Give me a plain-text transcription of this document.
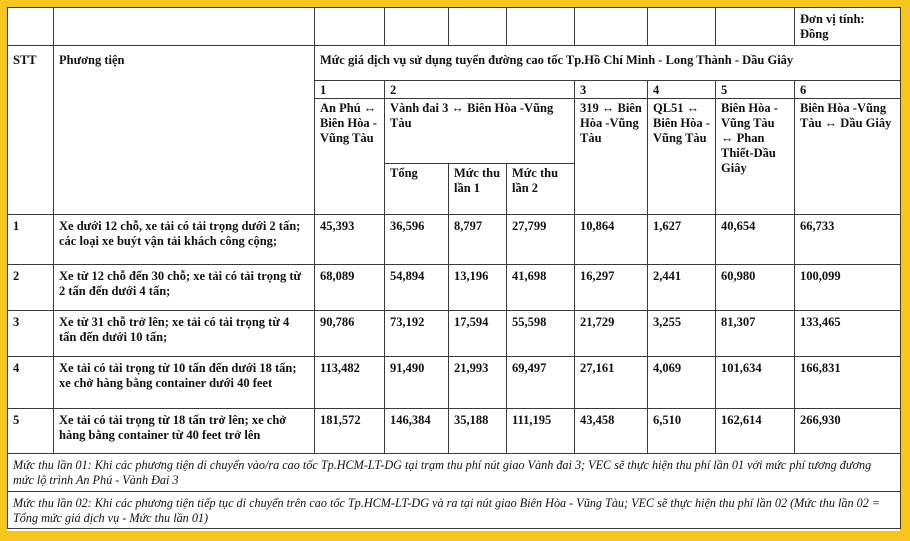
									Đơn vị tính: Đồng
STT	Phương tiện	Mức giá dịch vụ sử dụng tuyến đường cao tốc Tp.Hồ Chí Minh - Long Thành - Dầu Giây							
		1	2			3	4	5	6
		An Phú ↔ Biên Hòa -Vũng Tàu	Vành đai 3 ↔ Biên Hòa -Vũng Tàu			319 ↔ Biên Hòa -Vũng Tàu	QL51 ↔ Biên Hòa -Vũng Tàu	Biên Hòa - Vũng Tàu ↔ Phan Thiết-Dầu Giây	Biên Hòa -Vũng Tàu ↔ Dầu Giây
			Tổng	Mức thu lần 1	Mức thu lần 2				
1	Xe dưới 12 chỗ, xe tải có tải trọng dưới 2 tấn; các loại xe buýt vận tải khách công cộng;	45,393	36,596	8,797	27,799	10,864	1,627	40,654	66,733
2	Xe từ 12 chỗ đến 30 chỗ; xe tải có tải trọng từ 2 tấn đến dưới 4 tấn;	68,089	54,894	13,196	41,698	16,297	2,441	60,980	100,099
3	Xe từ 31 chỗ trở lên; xe tải có tải trọng từ 4 tấn đến dưới 10 tấn;	90,786	73,192	17,594	55,598	21,729	3,255	81,307	133,465
4	Xe tải có tải trọng từ 10 tấn đến dưới 18 tấn; xe chở hàng bằng container dưới 40 feet	113,482	91,490	21,993	69,497	27,161	4,069	101,634	166,831
5	Xe tải có tải trọng từ 18 tấn trở lên; xe chở hàng bằng container từ 40 feet trở lên	181,572	146,384	35,188	111,195	43,458	6,510	162,614	266,930
Mức thu lần 01: Khi các phương tiện di chuyển vào/ra cao tốc Tp.HCM-LT-DG tại trạm thu phí nút giao Vành đai 3; VEC sẽ thực hiện thu phí lần 01 với mức phí tương đương mức lộ trình An Phú - Vành Đai 3									
Mức thu lần 02: Khi các phương tiện tiếp tục di chuyển trên cao tốc Tp.HCM-LT-DG và ra tại nút giao Biên Hòa - Vũng Tàu; VEC sẽ thực hiện thu phí lần 02 (Mức thu lần 02 = Tổng mức giá dịch vụ - Mức thu lần 01)									
